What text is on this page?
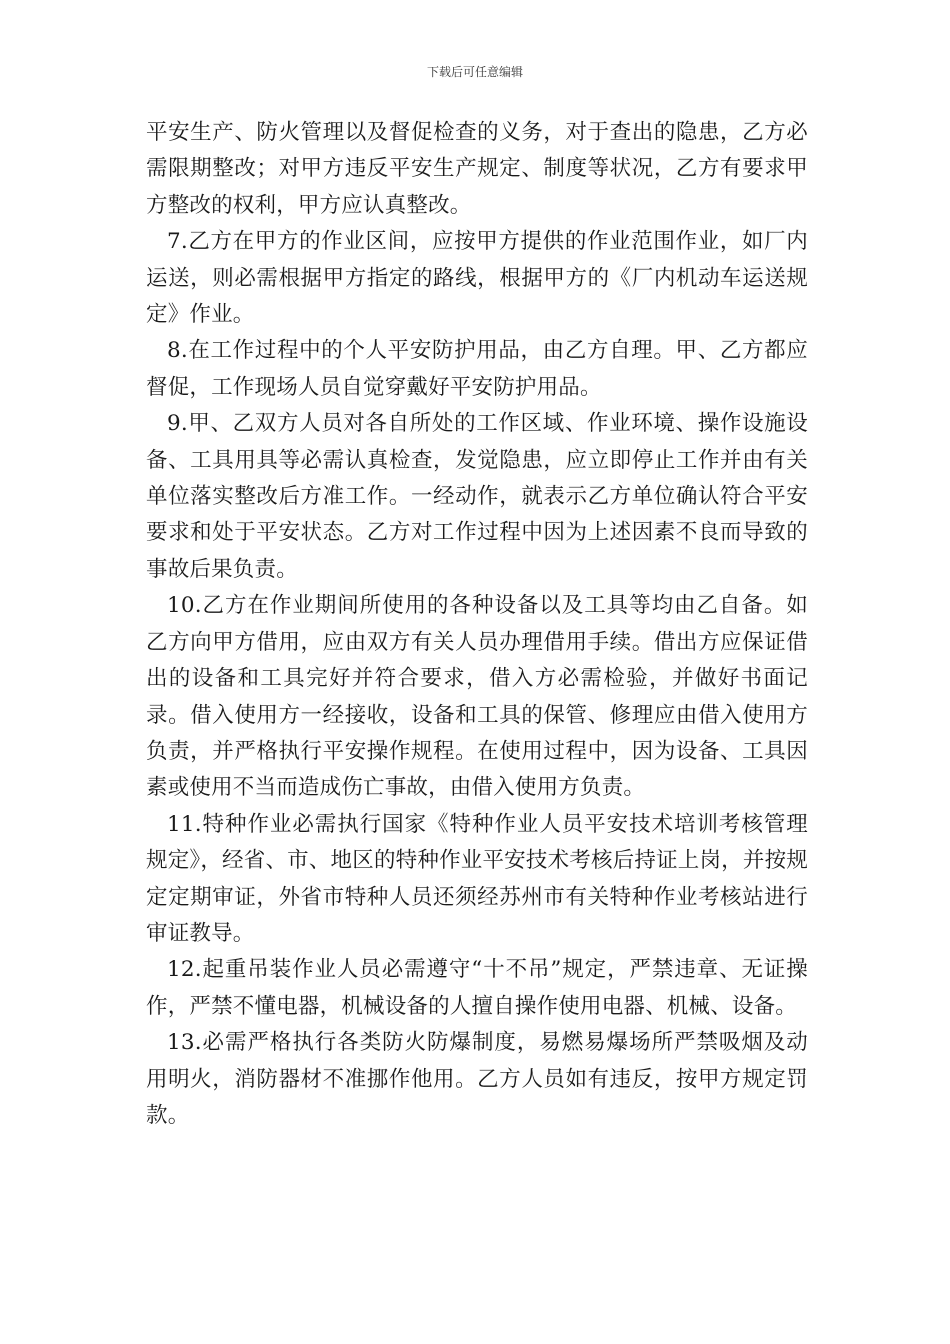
下载后可任意编辑

平安生产、防火管理以及督促检查的义务，对于查出的隐患，乙方必需限期整改；对甲方违反平安生产规定、制度等状况，乙方有要求甲方整改的权利，甲方应认真整改。

7.乙方在甲方的作业区间，应按甲方提供的作业范围作业，如厂内运送，则必需根据甲方指定的路线，根据甲方的《厂内机动车运送规定》作业。

8.在工作过程中的个人平安防护用品，由乙方自理。甲、乙方都应督促，工作现场人员自觉穿戴好平安防护用品。

9.甲、乙双方人员对各自所处的工作区域、作业环境、操作设施设备、工具用具等必需认真检查，发觉隐患，应立即停止工作并由有关单位落实整改后方准工作。一经动作，就表示乙方单位确认符合平安要求和处于平安状态。乙方对工作过程中因为上述因素不良而导致的事故后果负责。

10.乙方在作业期间所使用的各种设备以及工具等均由乙自备。如乙方向甲方借用，应由双方有关人员办理借用手续。借出方应保证借出的设备和工具完好并符合要求，借入方必需检验，并做好书面记录。借入使用方一经接收，设备和工具的保管、修理应由借入使用方负责，并严格执行平安操作规程。在使用过程中，因为设备、工具因素或使用不当而造成伤亡事故，由借入使用方负责。

11.特种作业必需执行国家《特种作业人员平安技术培训考核管理规定》，经省、市、地区的特种作业平安技术考核后持证上岗，并按规定定期审证，外省市特种人员还须经苏州市有关特种作业考核站进行审证教导。

12.起重吊装作业人员必需遵守“十不吊”规定，严禁违章、无证操作，严禁不懂电器，机械设备的人擅自操作使用电器、机械、设备。

13.必需严格执行各类防火防爆制度，易燃易爆场所严禁吸烟及动用明火，消防器材不准挪作他用。乙方人员如有违反，按甲方规定罚款。
